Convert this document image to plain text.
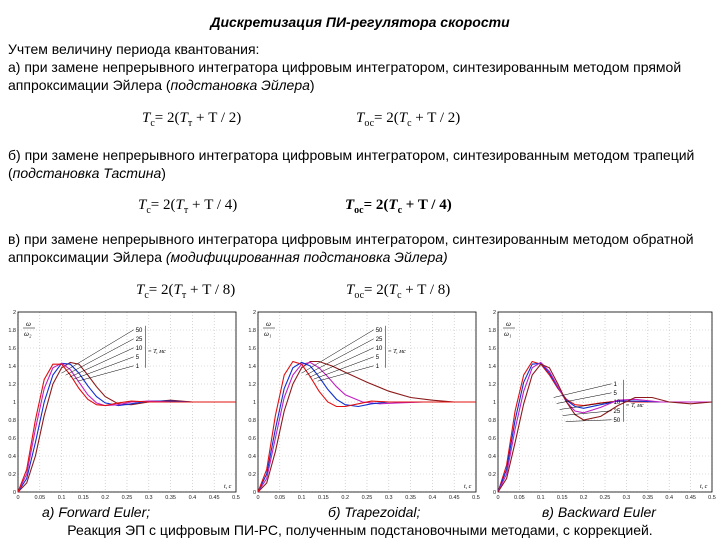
Дискретизация ПИ-регулятора скорости
Учтем величину периода квантования:
а) при замене непрерывного интегратора цифровым интегратором, синтезированным методом прямой аппроксимации Эйлера (подстановка Эйлера)
$T_c= 2(T_т + T / 2)$	$T_{ос}= 2(T_c + T / 2)$
б) при замене непрерывного интегратора цифровым интегратором, синтезированным методом трапеций (подстановка Тастина)
$T_c= 2(T_т + T / 4)$	$T_{ос}= 2(T_c + T / 4)$
в) при замене непрерывного интегратора цифровым интегратором, синтезированным методом обратной аппроксимации Эйлера (модифицированная подстановка Эйлера)
$T_c= 2(T_т + T / 8)$	$T_{ос}= 2(T_c + T / 8)$
0
0.2
0.4
0.6
0.8
1
1.2
1.4
1.6
1.8
2
0	0.05 0.1 0.15 0.2 0.25 0.3 0.35 0.4 0.45 0.5
ω
ω₂
t, с
50
25
10
5
1
= T, мс
0
0.2
0.4
0.6
0.8
1
1.2
1.4
1.6
1.8
2
0	0.05 0.1 0.15 0.2 0.25 0.3 0.35 0.4 0.45 0.5
ω
ω₁
t, с
50
25
10
5
1
= T, мс
0
0.2
0.4
0.6
0.8
1
1.2
1.4
1.6
1.8
2
0	0.05 0.1 0.15 0.2 0.25 0.3 0.35 0.4 0.45 0.5
ω
ω₁
t, с
1
5
10
25
50
= T, мс
а) Forward Euler;	б) Trapezoidal;	в) Backward Euler
Реакция ЭП с цифровым ПИ-РС, полученным подстановочными методами, с коррекцией.
